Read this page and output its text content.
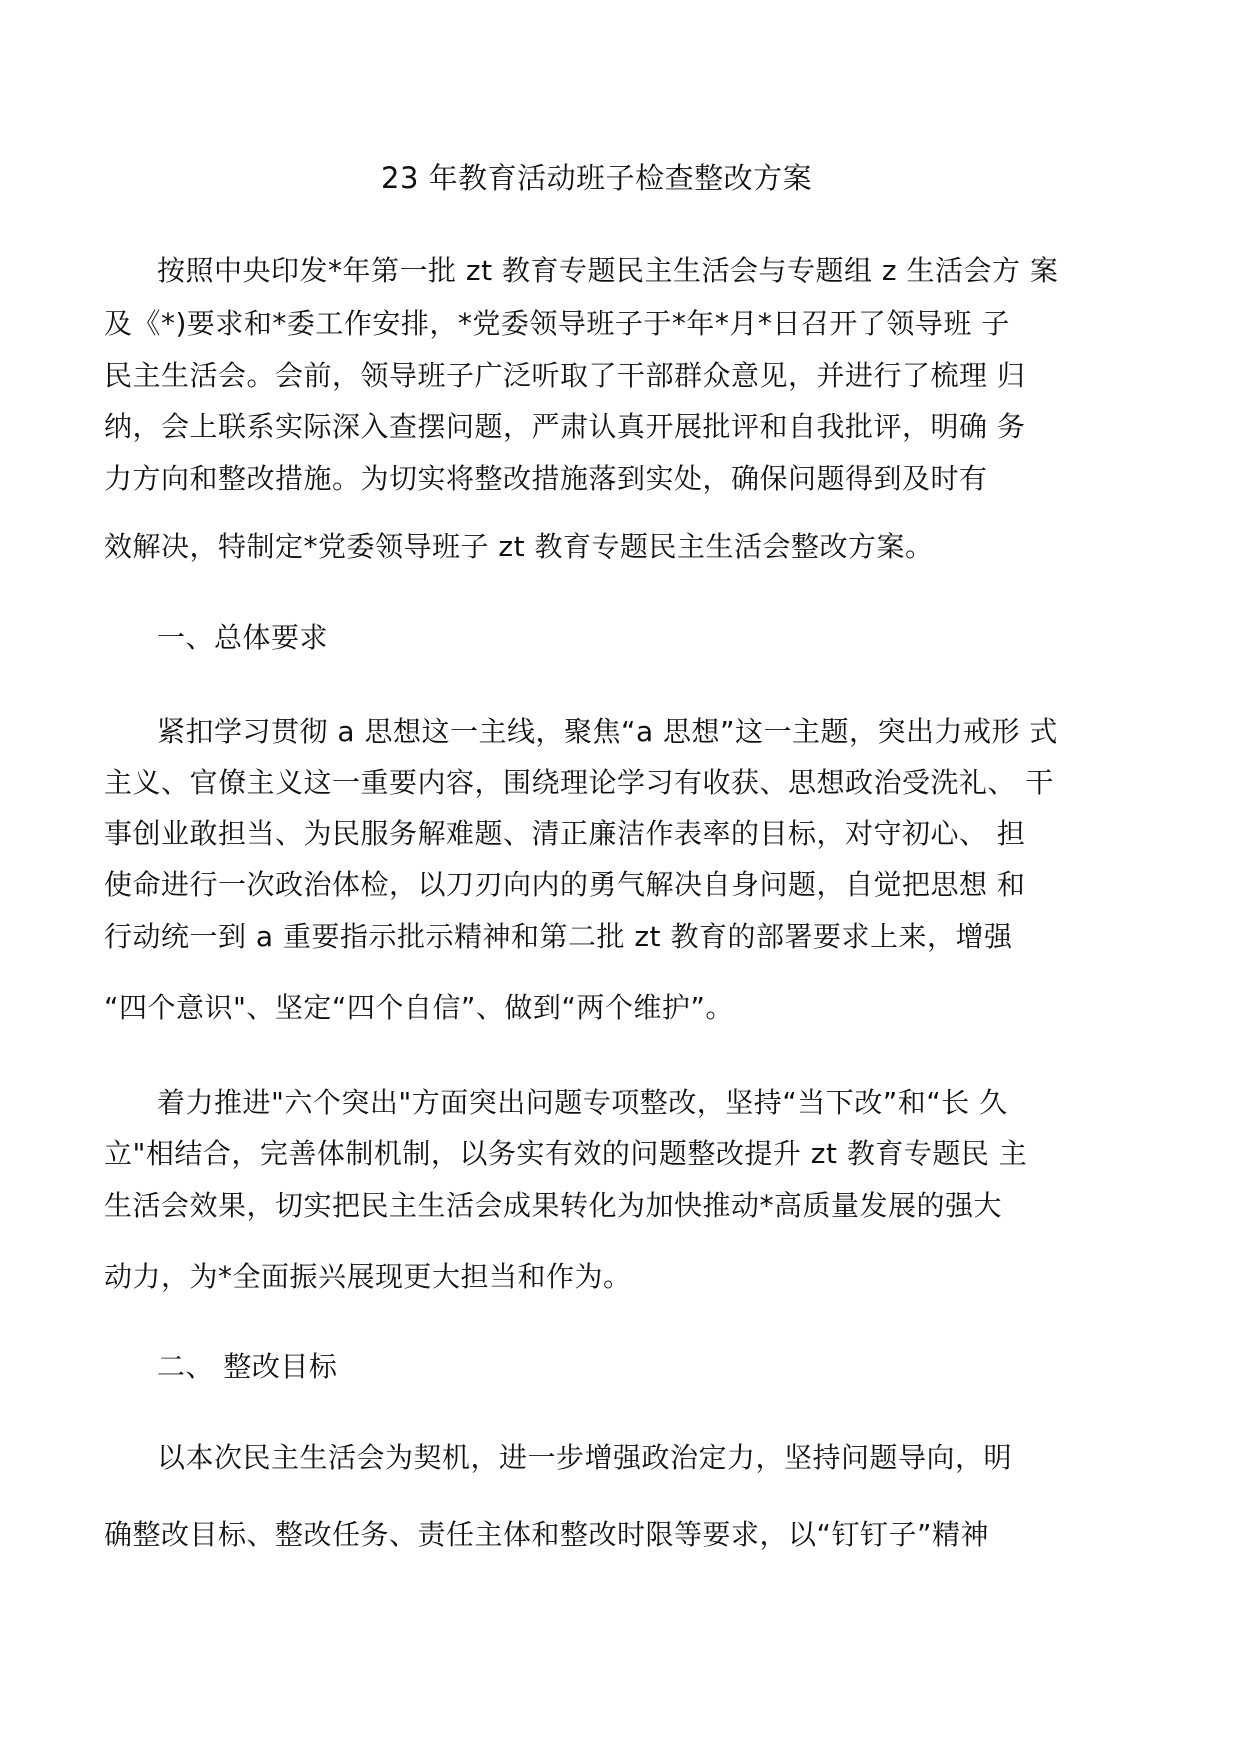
23 年教育活动班子检查整改方案
按照中央印发*年第一批 zt 教育专题民主生活会与专题组 z 生活会方 案
及《*)要求和*委工作安排，*党委领导班子于*年*月*日召开了领导班 子
民主生活会。会前，领导班子广泛听取了干部群众意见，并进行了梳理 归
纳，会上联系实际深入查摆问题，严肃认真开展批评和自我批评，明确 务
力方向和整改措施。为切实将整改措施落到实处，确保问题得到及时有
效解决，特制定*党委领导班子 zt 教育专题民主生活会整改方案。
一、总体要求
紧扣学习贯彻 a 思想这一主线，聚焦“a 思想”这一主题，突出力戒形 式
主义、官僚主义这一重要内容，围绕理论学习有收获、思想政治受洗礼、 干
事创业敢担当、为民服务解难题、清正廉洁作表率的目标，对守初心、 担
使命进行一次政治体检，以刀刃向内的勇气解决自身问题，自觉把思想 和
行动统一到 a 重要指示批示精神和第二批 zt 教育的部署要求上来，增强
“四个意识"、坚定“四个自信”、做到“两个维护”。
着力推进"六个突出"方面突出问题专项整改，坚持“当下改”和“长 久
立"相结合，完善体制机制，以务实有效的问题整改提升 zt 教育专题民 主
生活会效果，切实把民主生活会成果转化为加快推动*高质量发展的强大
动力，为*全面振兴展现更大担当和作为。
二、 整改目标
以本次民主生活会为契机，进一步增强政治定力，坚持问题导向，明
确整改目标、整改任务、责任主体和整改时限等要求，以“钉钉子”精神
